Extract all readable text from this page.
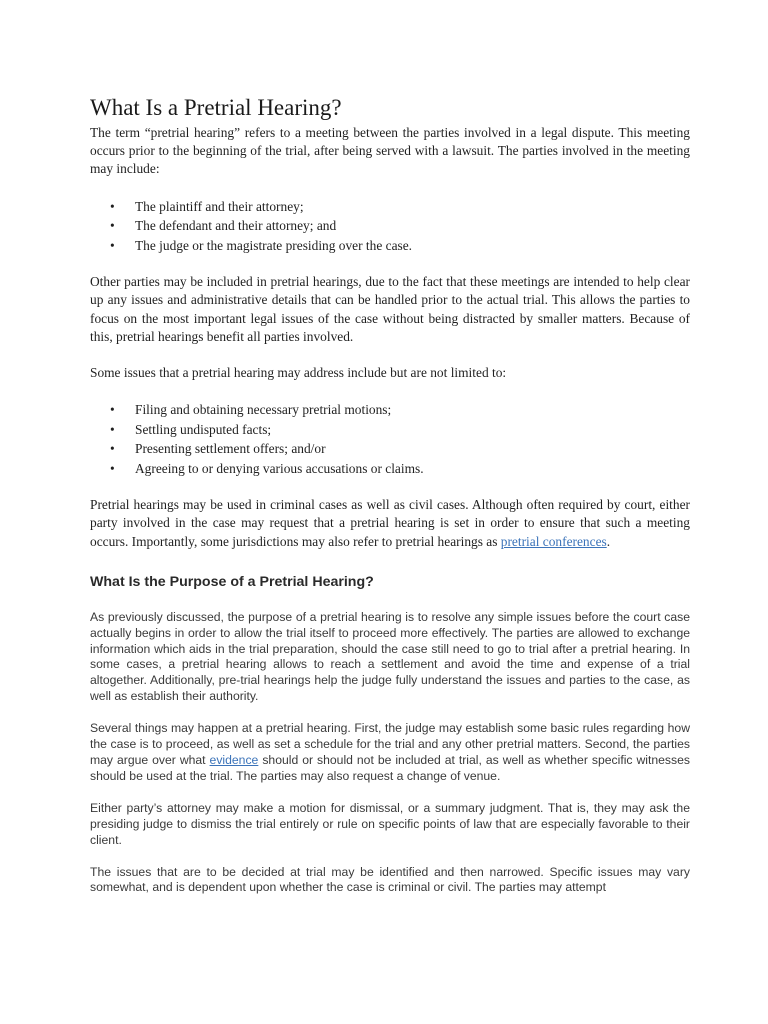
What Is a Pretrial Hearing?

The term “pretrial hearing” refers to a meeting between the parties involved in a legal dispute. This meeting occurs prior to the beginning of the trial, after being served with a lawsuit. The parties involved in the meeting may include:

• The plaintiff and their attorney;
• The defendant and their attorney; and
• The judge or the magistrate presiding over the case.

Other parties may be included in pretrial hearings, due to the fact that these meetings are intended to help clear up any issues and administrative details that can be handled prior to the actual trial. This allows the parties to focus on the most important legal issues of the case without being distracted by smaller matters. Because of this, pretrial hearings benefit all parties involved.

Some issues that a pretrial hearing may address include but are not limited to:

• Filing and obtaining necessary pretrial motions;
• Settling undisputed facts;
• Presenting settlement offers; and/or
• Agreeing to or denying various accusations or claims.

Pretrial hearings may be used in criminal cases as well as civil cases. Although often required by court, either party involved in the case may request that a pretrial hearing is set in order to ensure that such a meeting occurs. Importantly, some jurisdictions may also refer to pretrial hearings as pretrial conferences.

What Is the Purpose of a Pretrial Hearing?

As previously discussed, the purpose of a pretrial hearing is to resolve any simple issues before the court case actually begins in order to allow the trial itself to proceed more effectively. The parties are allowed to exchange information which aids in the trial preparation, should the case still need to go to trial after a pretrial hearing. In some cases, a pretrial hearing allows to reach a settlement and avoid the time and expense of a trial altogether. Additionally, pre-trial hearings help the judge fully understand the issues and parties to the case, as well as establish their authority.

Several things may happen at a pretrial hearing. First, the judge may establish some basic rules regarding how the case is to proceed, as well as set a schedule for the trial and any other pretrial matters. Second, the parties may argue over what evidence should or should not be included at trial, as well as whether specific witnesses should be used at the trial. The parties may also request a change of venue.

Either party’s attorney may make a motion for dismissal, or a summary judgment. That is, they may ask the presiding judge to dismiss the trial entirely or rule on specific points of law that are especially favorable to their client.

The issues that are to be decided at trial may be identified and then narrowed. Specific issues may vary somewhat, and is dependent upon whether the case is criminal or civil. The parties may attempt
